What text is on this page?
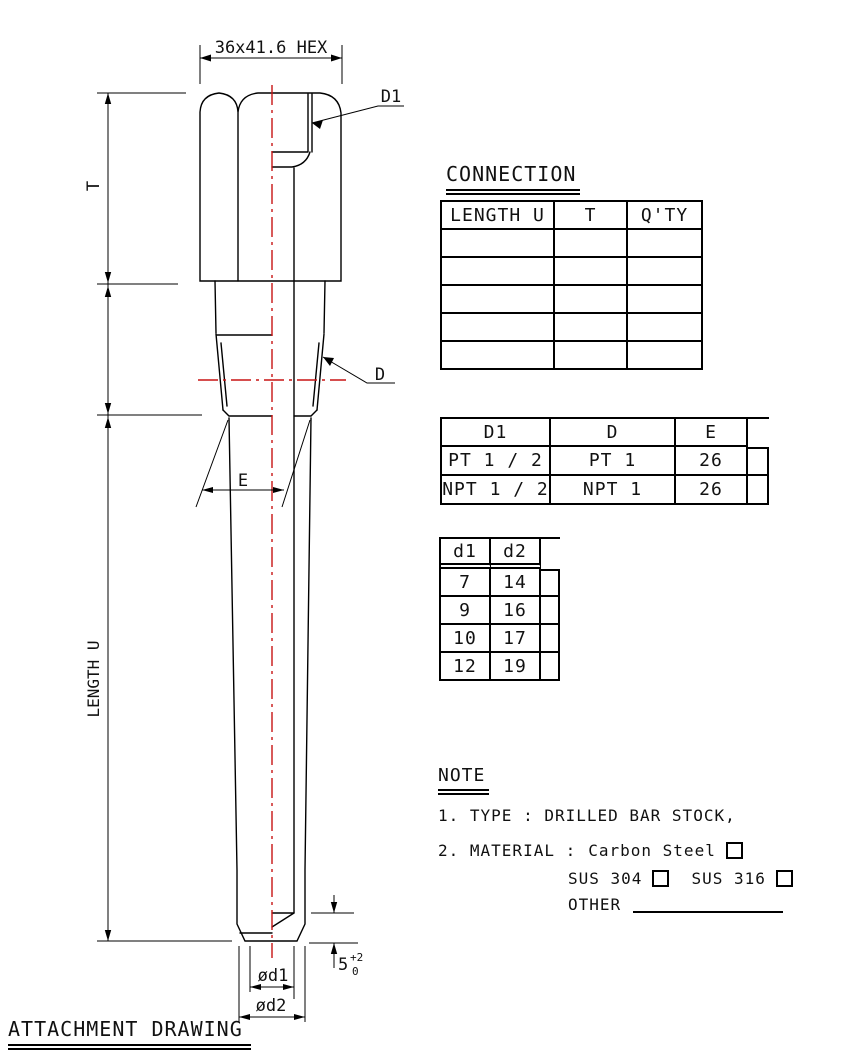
36x41.6 HEX
D1
D
E
T
LENGTH U
ød1
ød2
5 +2
0
CONNECTION
LENGTH U	T	Q'TY
D1	D	E
PT 1 / 2	PT 1	26
NPT 1 / 2	NPT 1	26
d1	d2
7	14
9	16
10	17
12	19
NOTE
1. TYPE : DRILLED BAR STOCK,
2. MATERIAL : Carbon Steel
SUS 304	SUS 316
OTHER
ATTACHMENT DRAWING
